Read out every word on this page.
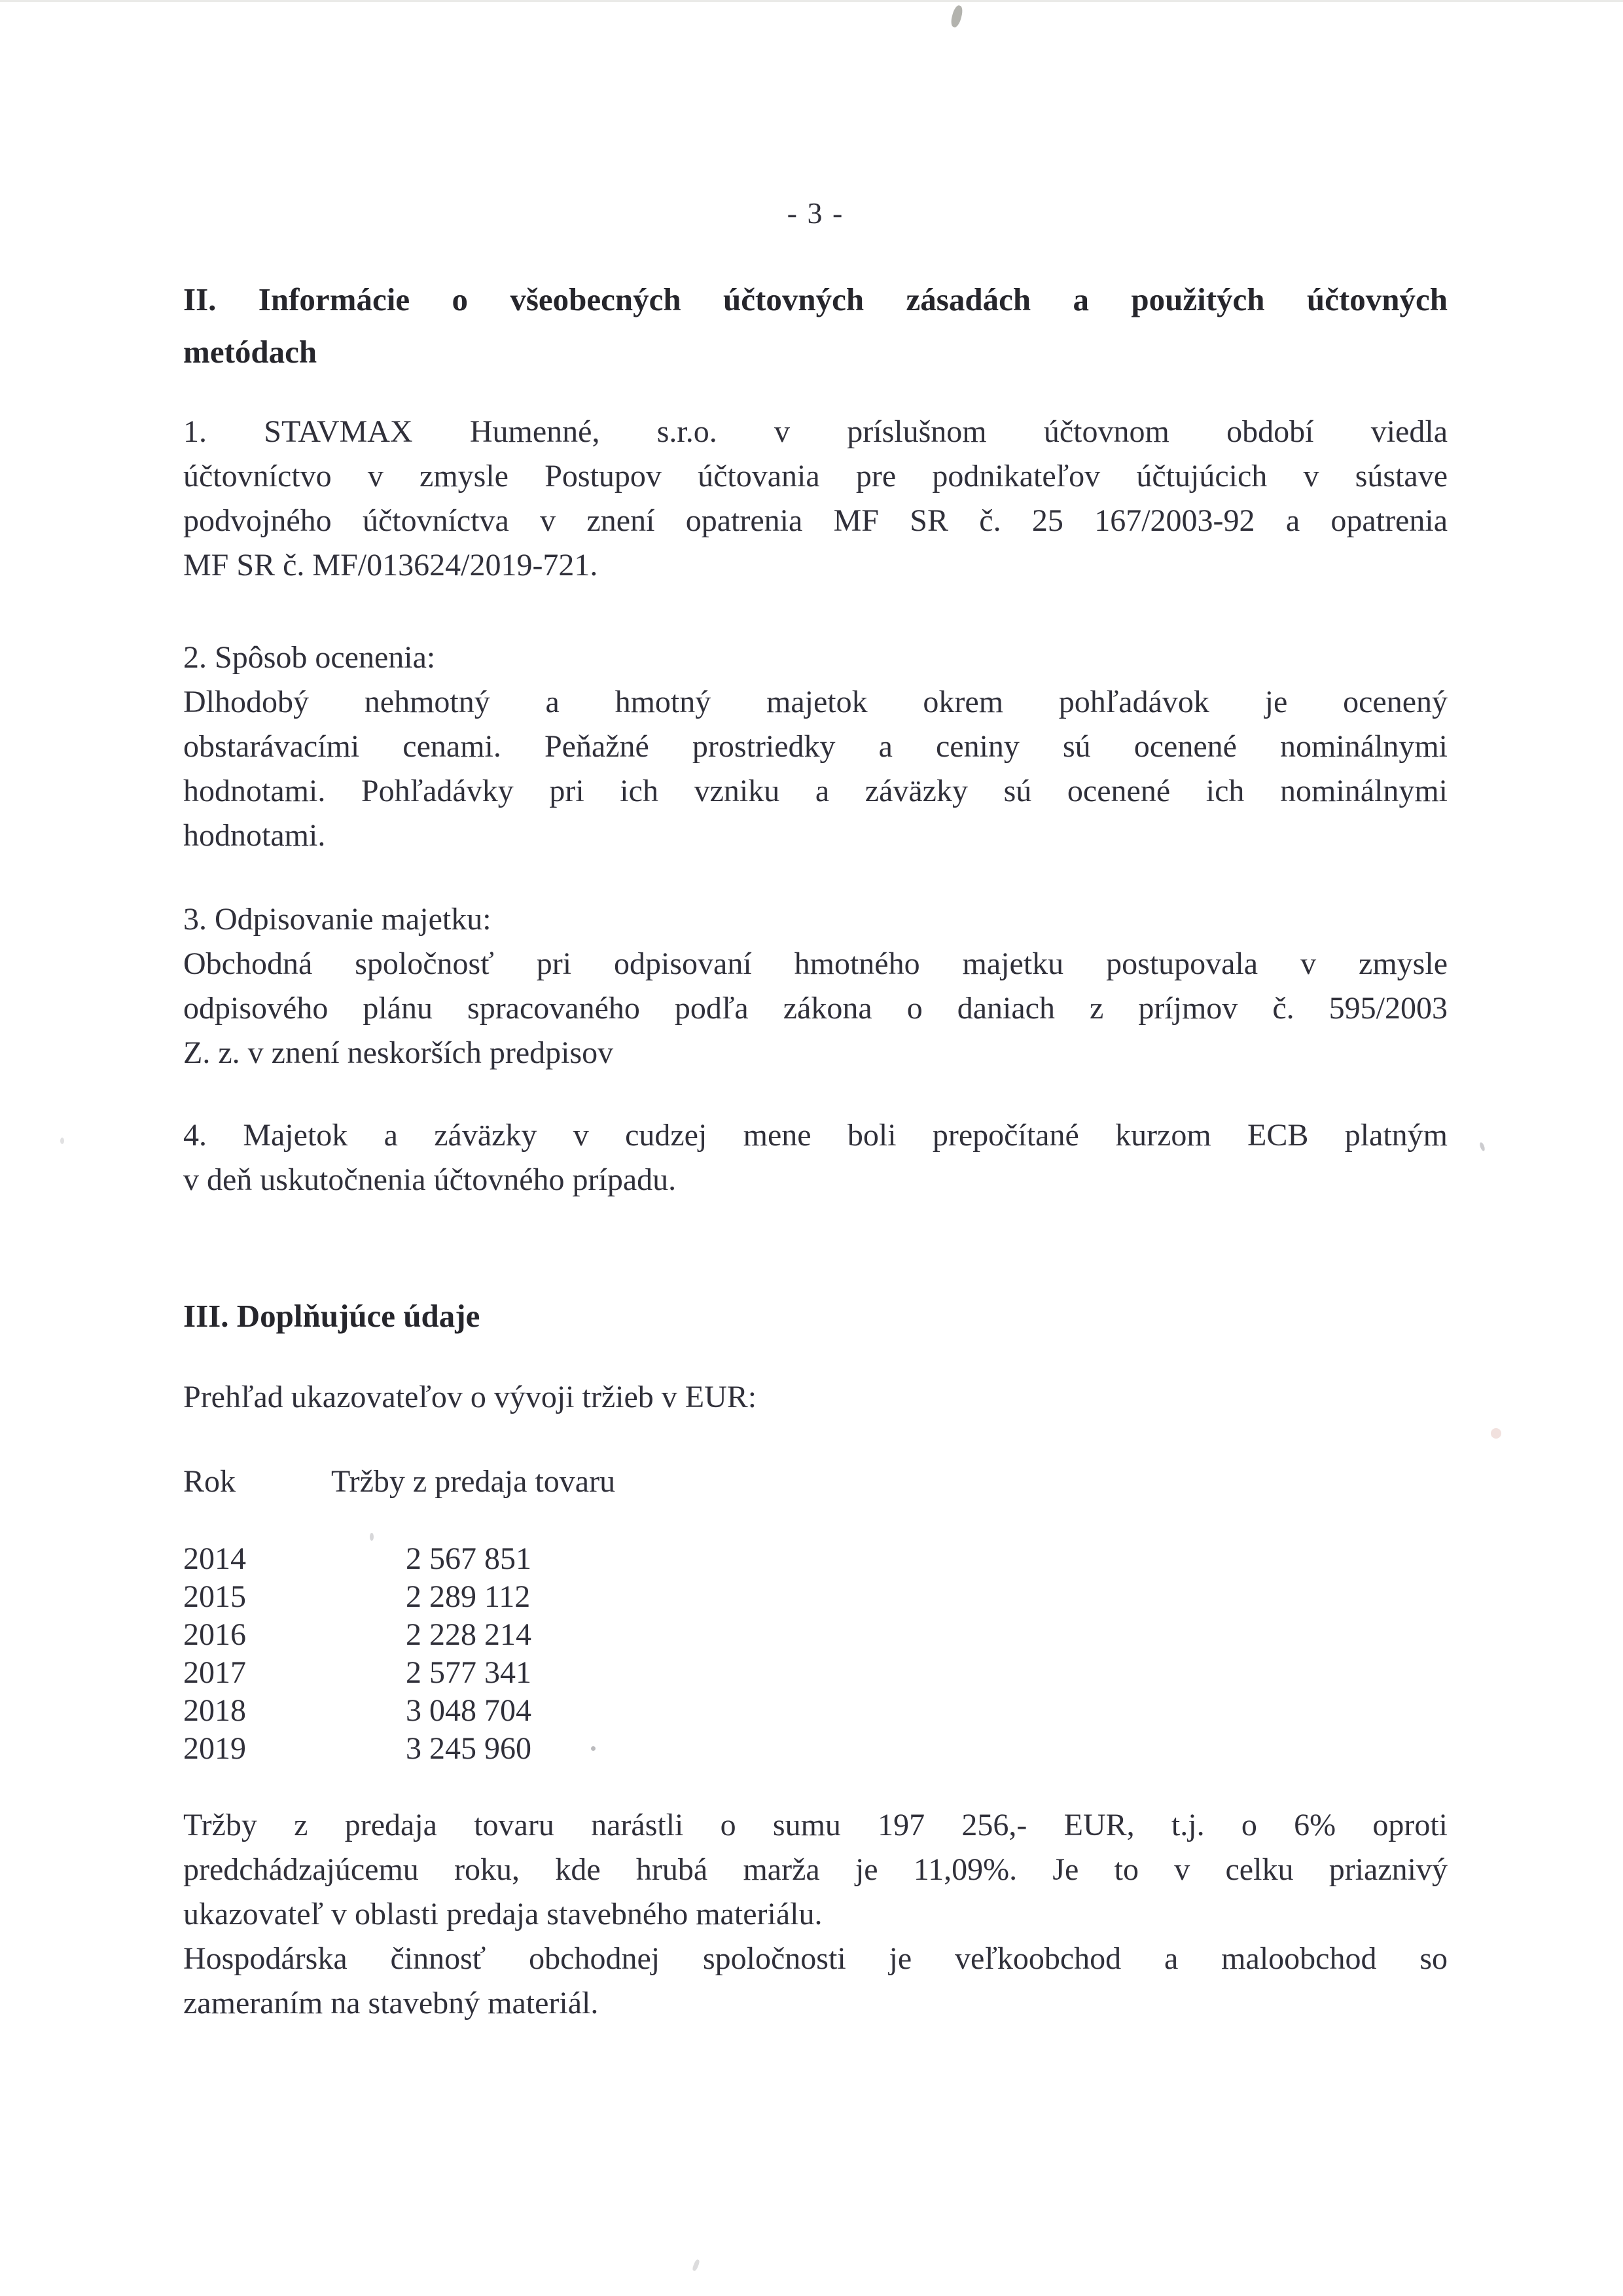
- 3 -
II. Informácie o všeobecných účtovných zásadách a použitých účtovných
metódach
1. STAVMAX Humenné, s.r.o. v príslušnom účtovnom období viedla
účtovníctvo v zmysle Postupov účtovania pre podnikateľov účtujúcich v sústave
podvojného účtovníctva v znení opatrenia MF SR č. 25 167/2003-92 a opatrenia
MF SR č. MF/013624/2019-721.
2. Spôsob ocenenia:
Dlhodobý nehmotný a hmotný majetok okrem pohľadávok je ocenený
obstarávacími cenami. Peňažné prostriedky a ceniny sú ocenené nominálnymi
hodnotami. Pohľadávky pri ich vzniku a záväzky sú ocenené ich nominálnymi
hodnotami.
3. Odpisovanie majetku:
Obchodná spoločnosť pri odpisovaní hmotného majetku postupovala v zmysle
odpisového plánu spracovaného podľa zákona o daniach z príjmov č. 595/2003
Z. z. v znení neskorších predpisov
4. Majetok a záväzky v cudzej mene boli prepočítané kurzom ECB platným
v deň uskutočnenia účtovného prípadu.
III. Doplňujúce údaje
Prehľad ukazovateľov o vývoji tržieb v EUR:
Rok	Tržby z predaja tovaru
2014	2 567 851
2015	2 289 112
2016	2 228 214
2017	2 577 341
2018	3 048 704
2019	3 245 960
Tržby z predaja tovaru narástli o sumu 197 256,- EUR, t.j. o 6% oproti
predchádzajúcemu roku, kde hrubá marža je 11,09%. Je to v celku priaznivý
ukazovateľ v oblasti predaja stavebného materiálu.
Hospodárska činnosť obchodnej spoločnosti je veľkoobchod a maloobchod so
zameraním na stavebný materiál.
